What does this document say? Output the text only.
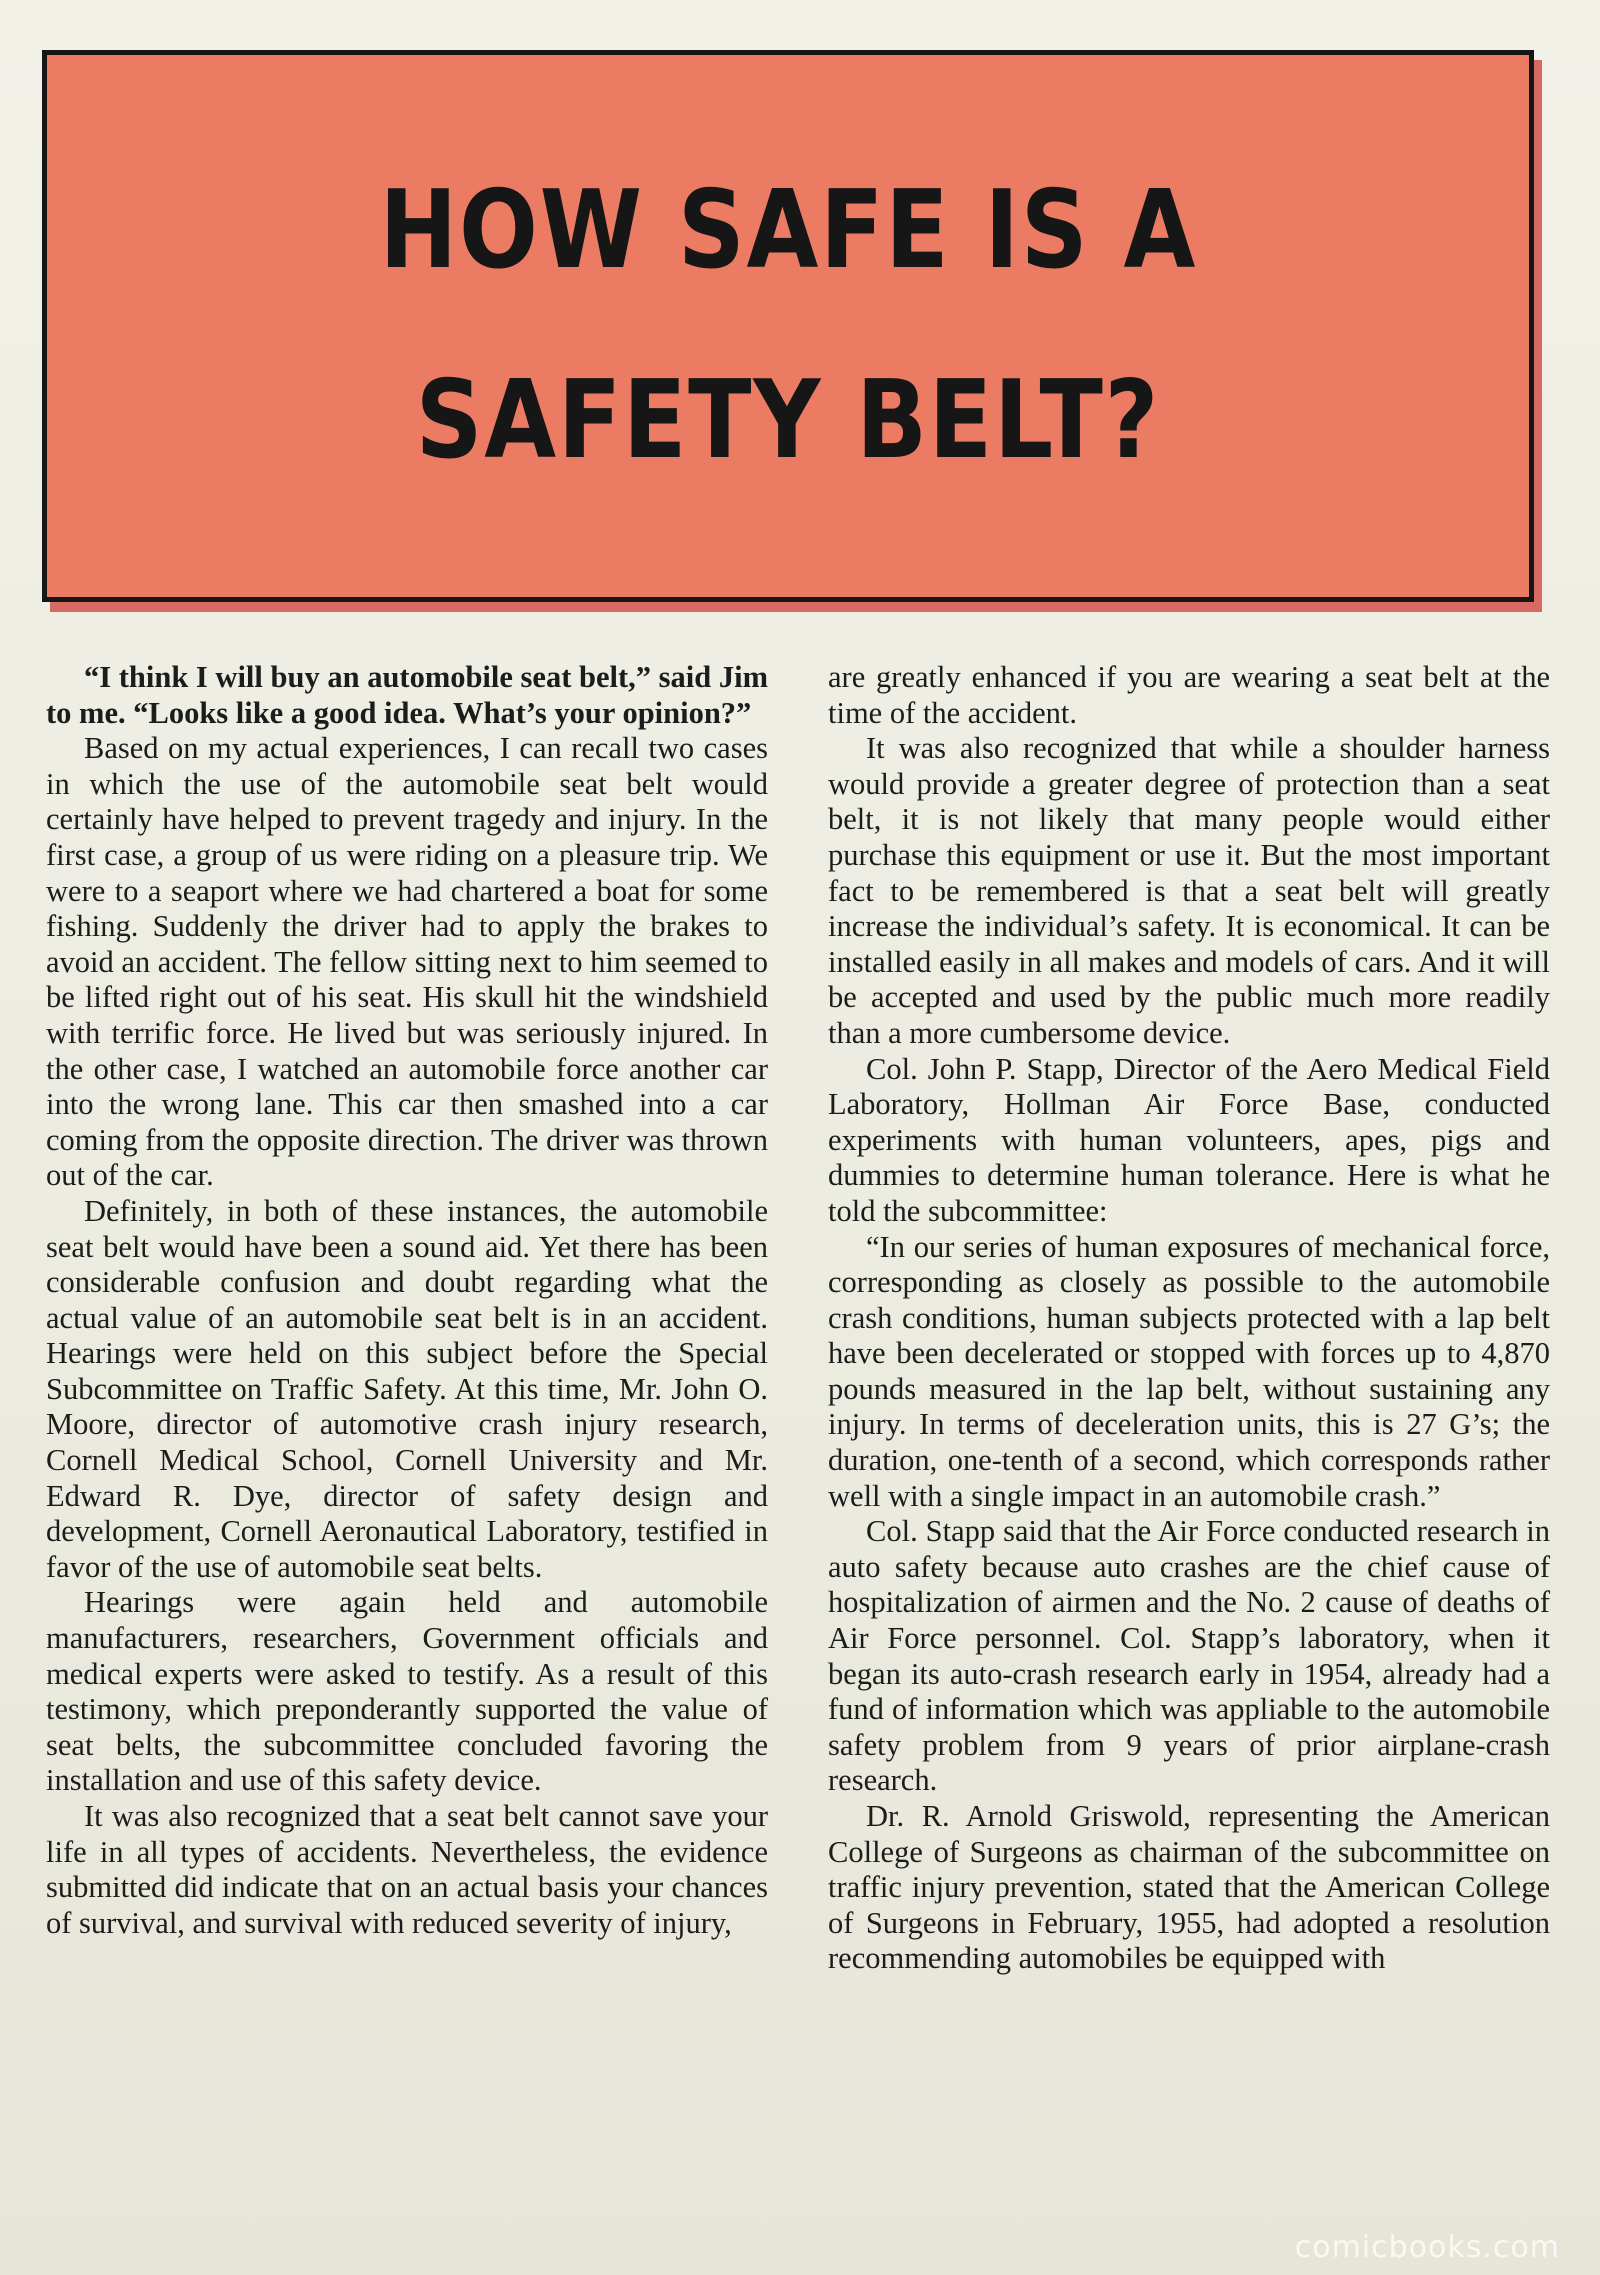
HOW SAFE IS A
SAFETY BELT?

“I think I will buy an automobile seat belt,” said Jim to me. “Looks like a good idea. What’s your opinion?”

Based on my actual experiences, I can recall two cases in which the use of the automobile seat belt would certainly have helped to prevent tragedy and injury. In the first case, a group of us were riding on a pleasure trip. We were to a seaport where we had chartered a boat for some fishing. Suddenly the driver had to apply the brakes to avoid an accident. The fellow sitting next to him seemed to be lifted right out of his seat. His skull hit the windshield with terrific force. He lived but was seriously injured. In the other case, I watched an automobile force another car into the wrong lane. This car then smashed into a car coming from the opposite direction. The driver was thrown out of the car.

Definitely, in both of these instances, the automobile seat belt would have been a sound aid. Yet there has been considerable confusion and doubt regarding what the actual value of an automobile seat belt is in an accident. Hearings were held on this subject before the Special Subcommittee on Traffic Safety. At this time, Mr. John O. Moore, director of automotive crash injury research, Cornell Medical School, Cornell University and Mr. Edward R. Dye, director of safety design and development, Cornell Aeronautical Laboratory, testified in favor of the use of automobile seat belts.

Hearings were again held and automobile manufacturers, researchers, Government officials and medical experts were asked to testify. As a result of this testimony, which preponderantly supported the value of seat belts, the subcommittee concluded favoring the installation and use of this safety device.

It was also recognized that a seat belt cannot save your life in all types of accidents. Nevertheless, the evidence submitted did indicate that on an actual basis your chances of survival, and survival with reduced severity of injury,

are greatly enhanced if you are wearing a seat belt at the time of the accident.

It was also recognized that while a shoulder harness would provide a greater degree of protection than a seat belt, it is not likely that many people would either purchase this equipment or use it. But the most important fact to be remembered is that a seat belt will greatly increase the individual’s safety. It is economical. It can be installed easily in all makes and models of cars. And it will be accepted and used by the public much more readily than a more cumbersome device.

Col. John P. Stapp, Director of the Aero Medical Field Laboratory, Hollman Air Force Base, conducted experiments with human volunteers, apes, pigs and dummies to determine human tolerance. Here is what he told the subcommittee:

“In our series of human exposures of mechanical force, corresponding as closely as possible to the automobile crash conditions, human subjects protected with a lap belt have been decelerated or stopped with forces up to 4,870 pounds measured in the lap belt, without sustaining any injury. In terms of deceleration units, this is 27 G’s; the duration, one-tenth of a second, which corresponds rather well with a single impact in an automobile crash.”

Col. Stapp said that the Air Force conducted research in auto safety because auto crashes are the chief cause of hospitalization of airmen and the No. 2 cause of deaths of Air Force personnel. Col. Stapp’s laboratory, when it began its auto-crash research early in 1954, already had a fund of information which was appliable to the automobile safety problem from 9 years of prior airplane-crash research.

Dr. R. Arnold Griswold, representing the American College of Surgeons as chairman of the subcommittee on traffic injury prevention, stated that the American College of Surgeons in February, 1955, had adopted a resolution recommending automobiles be equipped with

comicbooks.com
